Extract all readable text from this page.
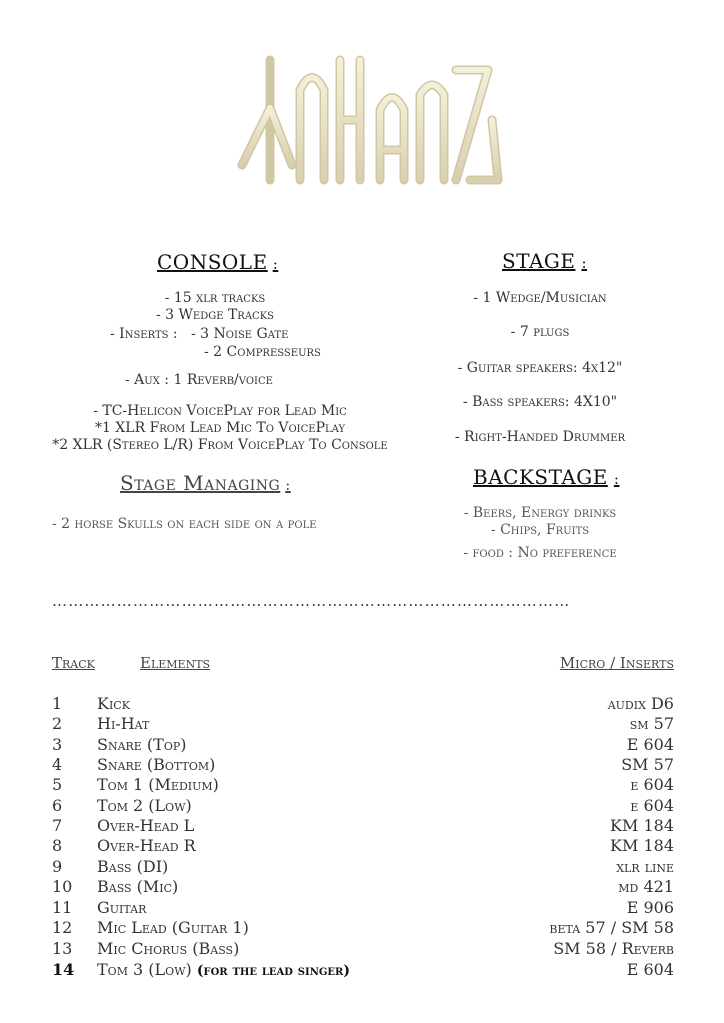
CONSOLE :
- 15 xlr tracks
- 3 Wedge Tracks
- Inserts :   - 3 Noise Gate
- 2 Compresseurs
- Aux : 1 Reverb/voice
- TC-Helicon VoicePlay for Lead Mic
*1 XLR From Lead Mic To VoicePlay
*2 XLR (Stereo L/R) From VoicePlay To Console
Stage Managing :
- 2 horse Skulls on each side on a pole
STAGE :
- 1 Wedge/Musician
- 7 plugs
- Guitar speakers: 4x12"
- Bass speakers: 4X10"
- Right-Handed Drummer
BACKSTAGE :
- Beers, Energy drinks
- Chips, Fruits
- food : No preference
……………………………………………………………………………………
Track	Elements	Micro / Inserts
1 Kick	audix D6
2 Hi-Hat	sm 57
3 Snare (Top)	E 604
4 Snare (Bottom)	SM 57
5 Tom 1 (Medium)	e 604
6 Tom 2 (Low)	e 604
7 Over-Head L	KM 184
8 Over-Head R	KM 184
9 Bass (DI)	xlr line
10 Bass (Mic)	md 421
11 Guitar	E 906
12 Mic Lead (Guitar 1)	beta 57 / SM 58
13 Mic Chorus (Bass)	SM 58 / Reverb
14 Tom 3 (Low) (for the lead singer)	E 604
